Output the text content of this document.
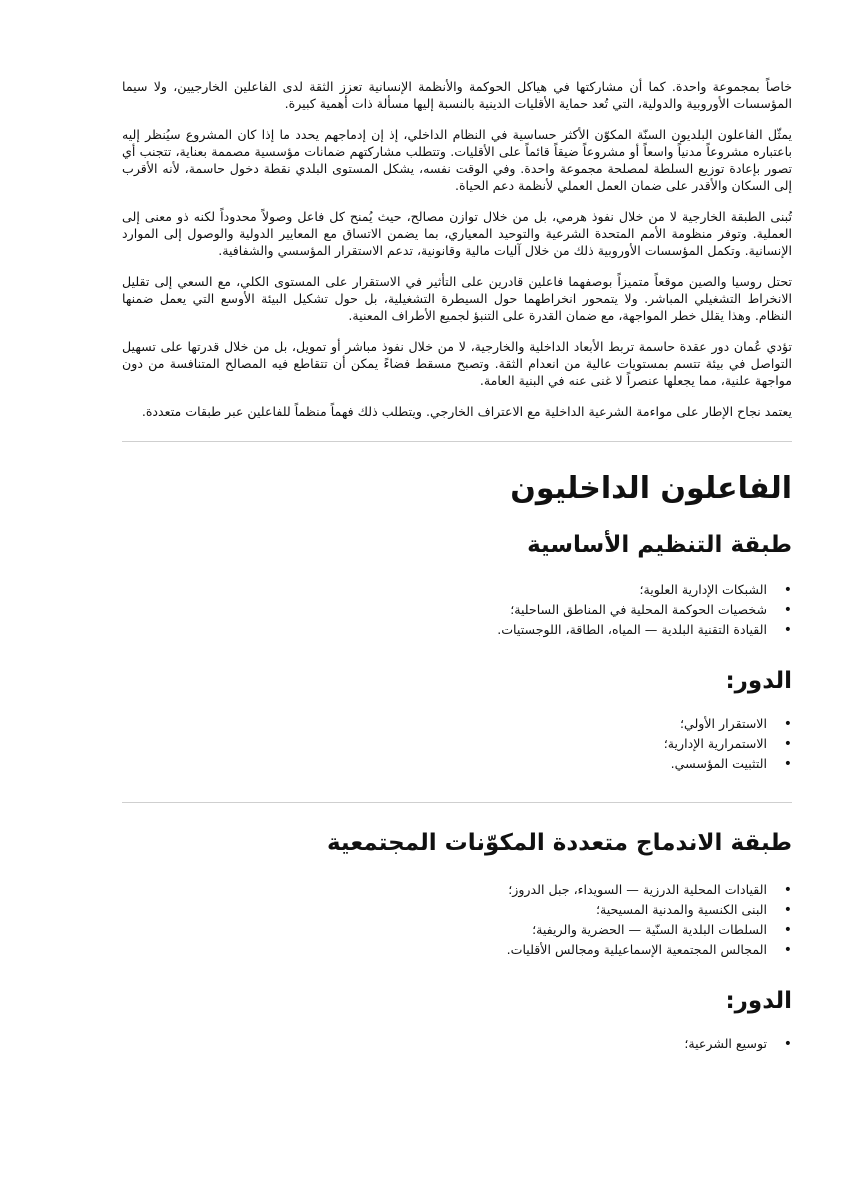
خاصاً بمجموعة واحدة. كما أن مشاركتها في هياكل الحوكمة والأنظمة الإنسانية تعزز الثقة لدى الفاعلين الخارجيين، ولا سيما المؤسسات الأوروبية والدولية، التي تُعد حماية الأقليات الدينية بالنسبة إليها مسألة ذات أهمية كبيرة.

يمثّل الفاعلون البلديون السنّة المكوّن الأكثر حساسية في النظام الداخلي، إذ إن إدماجهم يحدد ما إذا كان المشروع سيُنظر إليه باعتباره مشروعاً مدنياً واسعاً أو مشروعاً ضيقاً قائماً على الأقليات. وتتطلب مشاركتهم ضمانات مؤسسية مصممة بعناية، تتجنب أي تصور بإعادة توزيع السلطة لمصلحة مجموعة واحدة. وفي الوقت نفسه، يشكل المستوى البلدي نقطة دخول حاسمة، لأنه الأقرب إلى السكان والأقدر على ضمان العمل العملي لأنظمة دعم الحياة.

تُبنى الطبقة الخارجية لا من خلال نفوذ هرمي، بل من خلال توازن مصالح، حيث يُمنح كل فاعل وصولاً محدوداً لكنه ذو معنى إلى العملية. وتوفر منظومة الأمم المتحدة الشرعية والتوحيد المعياري، بما يضمن الاتساق مع المعايير الدولية والوصول إلى الموارد الإنسانية. وتكمل المؤسسات الأوروبية ذلك من خلال آليات مالية وقانونية، تدعم الاستقرار المؤسسي والشفافية.

تحتل روسيا والصين موقعاً متميزاً بوصفهما فاعلين قادرين على التأثير في الاستقرار على المستوى الكلي، مع السعي إلى تقليل الانخراط التشغيلي المباشر. ولا يتمحور انخراطهما حول السيطرة التشغيلية، بل حول تشكيل البيئة الأوسع التي يعمل ضمنها النظام. وهذا يقلل خطر المواجهة، مع ضمان القدرة على التنبؤ لجميع الأطراف المعنية.

تؤدي عُمان دور عقدة حاسمة تربط الأبعاد الداخلية والخارجية، لا من خلال نفوذ مباشر أو تمويل، بل من خلال قدرتها على تسهيل التواصل في بيئة تتسم بمستويات عالية من انعدام الثقة. وتصبح مسقط فضاءً يمكن أن تتقاطع فيه المصالح المتنافسة من دون مواجهة علنية، مما يجعلها عنصراً لا غنى عنه في البنية العامة.

يعتمد نجاح الإطار على مواءمة الشرعية الداخلية مع الاعتراف الخارجي. ويتطلب ذلك فهماً منظماً للفاعلين عبر طبقات متعددة.

الفاعلون الداخليون
طبقة التنظيم الأساسية
• الشبكات الإدارية العلوية؛
• شخصيات الحوكمة المحلية في المناطق الساحلية؛
• القيادة التقنية البلدية — المياه، الطاقة، اللوجستيات.
الدور:
• الاستقرار الأولي؛
• الاستمرارية الإدارية؛
• التثبيت المؤسسي.
طبقة الاندماج متعددة المكوّنات المجتمعية
• القيادات المحلية الدرزية — السويداء، جبل الدروز؛
• البنى الكنسية والمدنية المسيحية؛
• السلطات البلدية السنّية — الحضرية والريفية؛
• المجالس المجتمعية الإسماعيلية ومجالس الأقليات.
الدور:
• توسيع الشرعية؛
